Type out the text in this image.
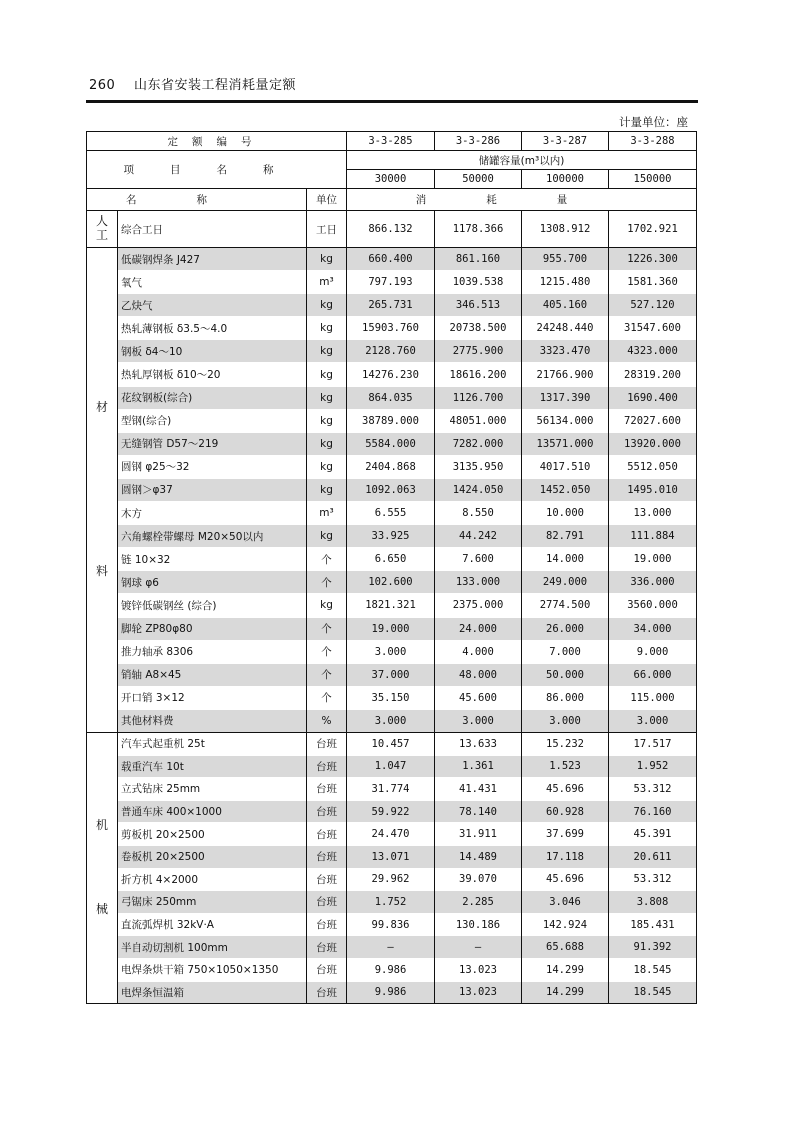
260 山东省安装工程消耗量定额
计量单位：座
定额编号			3-3-285	3-3-286	3-3-287	3-3-288
项目名称			储罐容量(m³以内)			
			30000	50000	100000	150000
名称		单位	消耗量			

人
工	综合工日	工日	866.132	1178.366	1308.912	1702.921

材
料	低碳钢焊条 J427	kg	660.400	861.160	955.700	1226.300
	氧气	m³	797.193	1039.538	1215.480	1581.360
	乙炔气	kg	265.731	346.513	405.160	527.120
	热轧薄钢板 δ3.5～4.0	kg	15903.760	20738.500	24248.440	31547.600
	钢板 δ4～10	kg	2128.760	2775.900	3323.470	4323.000
	热轧厚钢板 δ10～20	kg	14276.230	18616.200	21766.900	28319.200
	花纹钢板(综合)	kg	864.035	1126.700	1317.390	1690.400
	型钢(综合)	kg	38789.000	48051.000	56134.000	72027.600
	无缝钢管 D57～219	kg	5584.000	7282.000	13571.000	13920.000
	圆钢 φ25～32	kg	2404.868	3135.950	4017.510	5512.050
	圆钢＞φ37	kg	1092.063	1424.050	1452.050	1495.010
	木方	m³	6.555	8.550	10.000	13.000
	六角螺栓带螺母 M20×50以内	kg	33.925	44.242	82.791	111.884
	链 10×32	个	6.650	7.600	14.000	19.000
	钢球 φ6	个	102.600	133.000	249.000	336.000
	镀锌低碳钢丝 (综合)	kg	1821.321	2375.000	2774.500	3560.000
	脚轮 ZP80φ80	个	19.000	24.000	26.000	34.000
	推力轴承 8306	个	3.000	4.000	7.000	9.000
	销轴 A8×45	个	37.000	48.000	50.000	66.000
	开口销 3×12	个	35.150	45.600	86.000	115.000
	其他材料费	%	3.000	3.000	3.000	3.000

机
械	汽车式起重机 25t	台班	10.457	13.633	15.232	17.517
	载重汽车 10t	台班	1.047	1.361	1.523	1.952
	立式钻床 25mm	台班	31.774	41.431	45.696	53.312
	普通车床 400×1000	台班	59.922	78.140	60.928	76.160
	剪板机 20×2500	台班	24.470	31.911	37.699	45.391
	卷板机 20×2500	台班	13.071	14.489	17.118	20.611
	折方机 4×2000	台班	29.962	39.070	45.696	53.312
	弓锯床 250mm	台班	1.752	2.285	3.046	3.808
	直流弧焊机 32kV·A	台班	99.836	130.186	142.924	185.431
	半自动切割机 100mm	台班	—	—	65.688	91.392
	电焊条烘干箱 750×1050×1350	台班	9.986	13.023	14.299	18.545
	电焊条恒温箱	台班	9.986	13.023	14.299	18.545
